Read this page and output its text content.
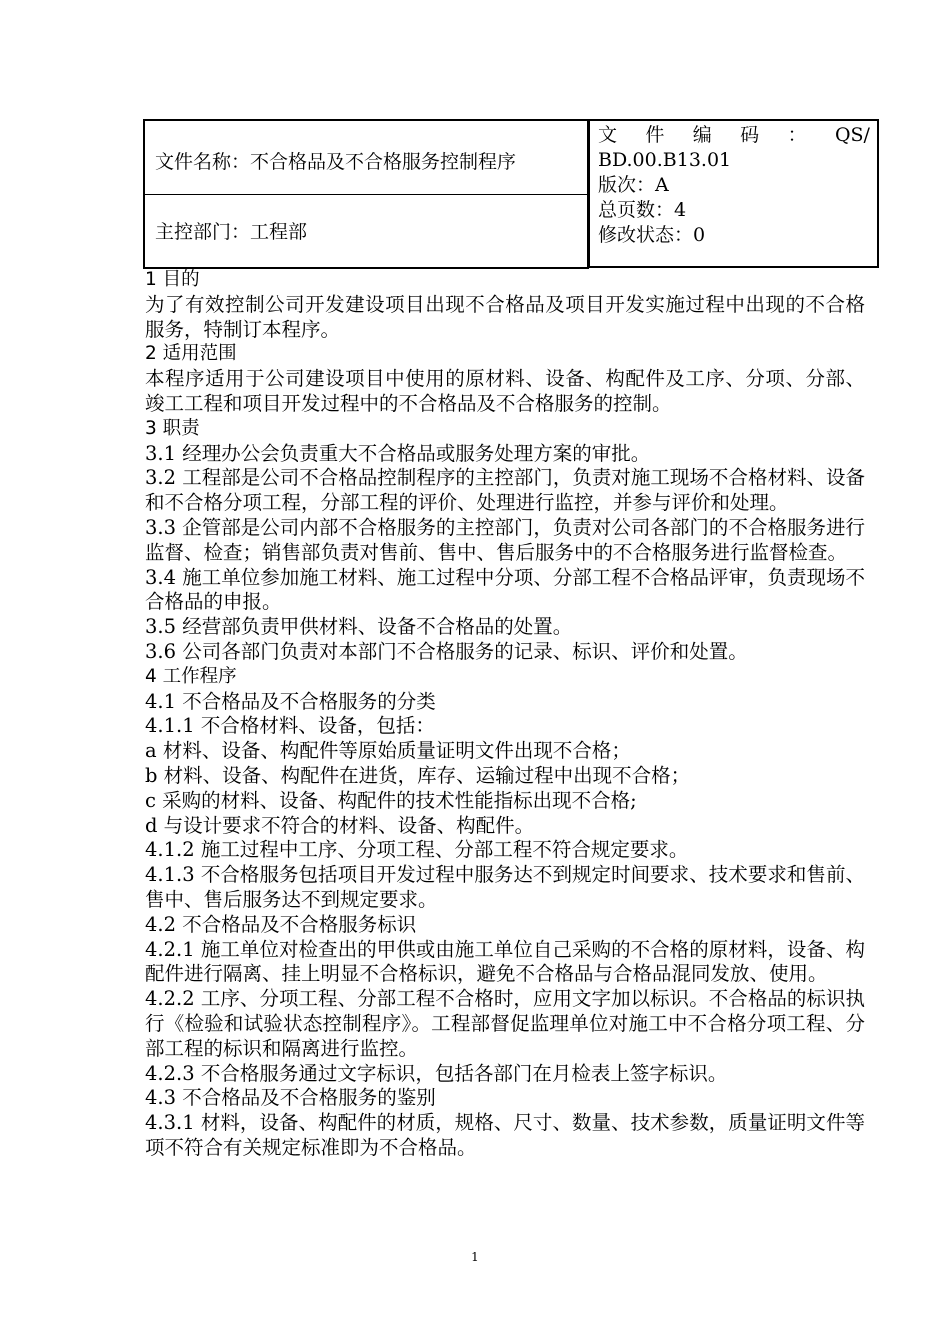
文件名称：不合格品及不合格服务控制程序
主控部门：工程部
文 件 编 码 ： QS/
BD.00.B13.01
版次：A
总页数：4
修改状态：0

1 目的

为了有效控制公司开发建设项目出现不合格品及项目开发实施过程中出现的不合格服务，特制订本程序。

2 适用范围

本程序适用于公司建设项目中使用的原材料、设备、构配件及工序、分项、分部、竣工工程和项目开发过程中的不合格品及不合格服务的控制。

3 职责

3.1 经理办公会负责重大不合格品或服务处理方案的审批。

3.2 工程部是公司不合格品控制程序的主控部门，负责对施工现场不合格材料、设备和不合格分项工程，分部工程的评价、处理进行监控，并参与评价和处理。

3.3 企管部是公司内部不合格服务的主控部门，负责对公司各部门的不合格服务进行监督、检查；销售部负责对售前、售中、售后服务中的不合格服务进行监督检查。

3.4 施工单位参加施工材料、施工过程中分项、分部工程不合格品评审，负责现场不合格品的申报。

3.5 经营部负责甲供材料、设备不合格品的处置。

3.6 公司各部门负责对本部门不合格服务的记录、标识、评价和处置。

4 工作程序

4.1 不合格品及不合格服务的分类

4.1.1 不合格材料、设备，包括：

a 材料、设备、构配件等原始质量证明文件出现不合格；

b 材料、设备、构配件在进货，库存、运输过程中出现不合格；

c 采购的材料、设备、构配件的技术性能指标出现不合格;

d 与设计要求不符合的材料、设备、构配件。

4.1.2 施工过程中工序、分项工程、分部工程不符合规定要求。

4.1.3 不合格服务包括项目开发过程中服务达不到规定时间要求、技术要求和售前、售中、售后服务达不到规定要求。

4.2 不合格品及不合格服务标识

4.2.1 施工单位对检查出的甲供或由施工单位自己采购的不合格的原材料，设备、构配件进行隔离、挂上明显不合格标识，避免不合格品与合格品混同发放、使用。

4.2.2 工序、分项工程、分部工程不合格时，应用文字加以标识。不合格品的标识执行《检验和试验状态控制程序》。工程部督促监理单位对施工中不合格分项工程、分部工程的标识和隔离进行监控。

4.2.3 不合格服务通过文字标识，包括各部门在月检表上签字标识。

4.3 不合格品及不合格服务的鉴别

4.3.1 材料，设备、构配件的材质，规格、尺寸、数量、技术参数，质量证明文件等项不符合有关规定标准即为不合格品。

1
